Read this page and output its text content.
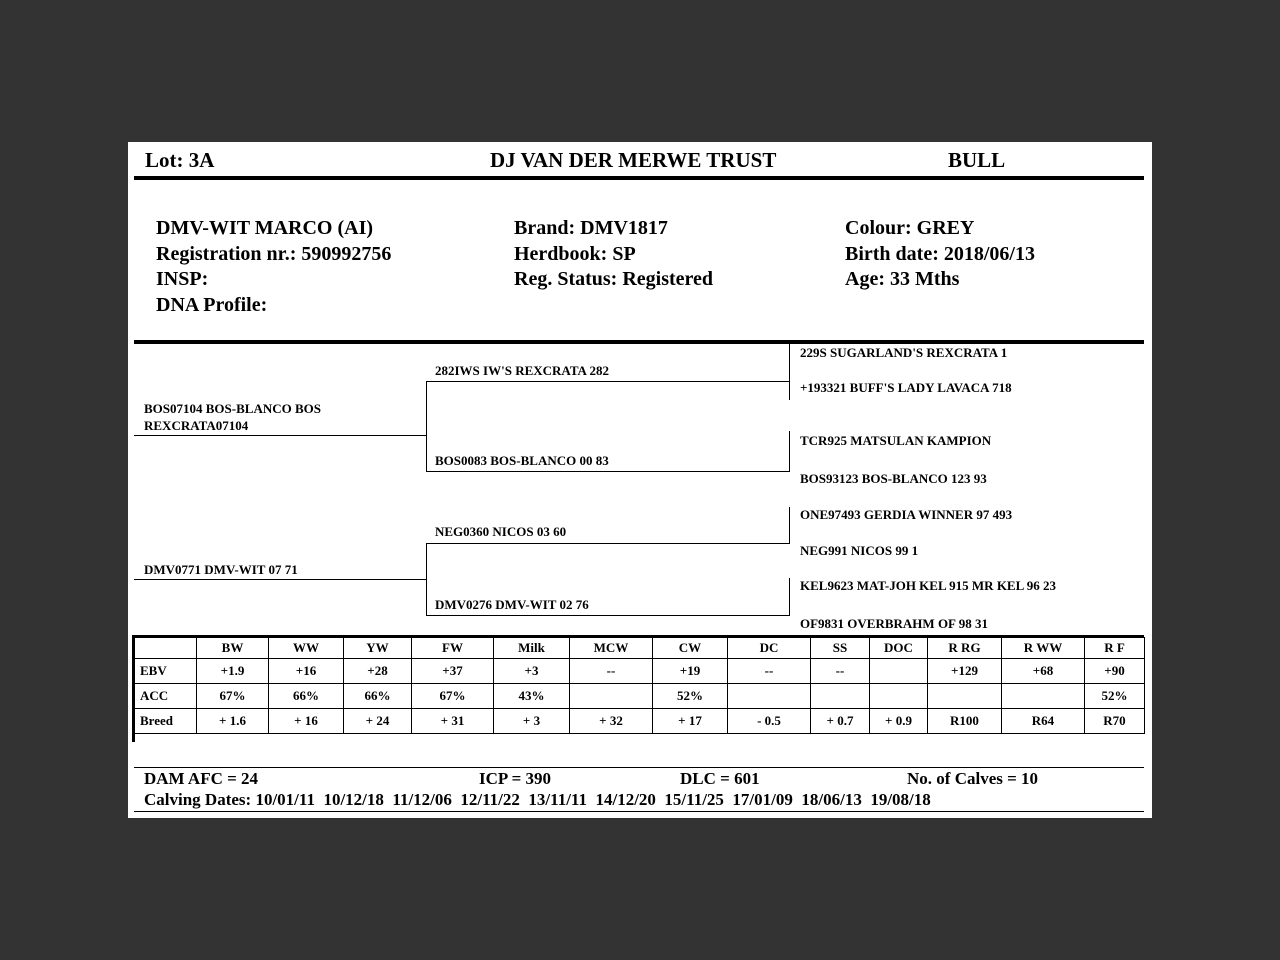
Lot: 3A	DJ VAN DER MERWE TRUST	BULL
DMV-WIT MARCO (AI)
Registration nr.: 590992756
INSP:
DNA Profile:
Brand: DMV1817
Herdbook: SP
Reg. Status: Registered
Colour: GREY
Birth date: 2018/06/13
Age: 33 Mths
BOS07104 BOS-BLANCO BOS REXCRATA07104
DMV0771 DMV-WIT 07 71
282IWS IW'S REXCRATA 282
BOS0083 BOS-BLANCO 00 83
NEG0360 NICOS 03 60
DMV0276 DMV-WIT 02 76
229S SUGARLAND'S REXCRATA 1
+193321 BUFF'S LADY LAVACA 718
TCR925 MATSULAN KAMPION
BOS93123 BOS-BLANCO 123 93
ONE97493 GERDIA WINNER 97 493
NEG991 NICOS 99 1
KEL9623 MAT-JOH KEL 915 MR KEL 96 23
OF9831 OVERBRAHM OF 98 31
	BW	WW	YW	FW	Milk	MCW	CW	DC	SS	DOC	R RG	R WW	R F
EBV	+1.9	+16	+28	+37	+3	--	+19	--	--		+129	+68	+90
ACC	67%	66%	66%	67%	43%		52%						52%
Breed	+ 1.6	+ 16	+ 24	+ 31	+ 3	+ 32	+ 17	- 0.5	+ 0.7	+ 0.9	R100	R64	R70
DAM AFC = 24	ICP = 390	DLC = 601	No. of Calves = 10
Calving Dates: 10/01/11  10/12/18  11/12/06  12/11/22  13/11/11  14/12/20  15/11/25  17/01/09  18/06/13  19/08/18
